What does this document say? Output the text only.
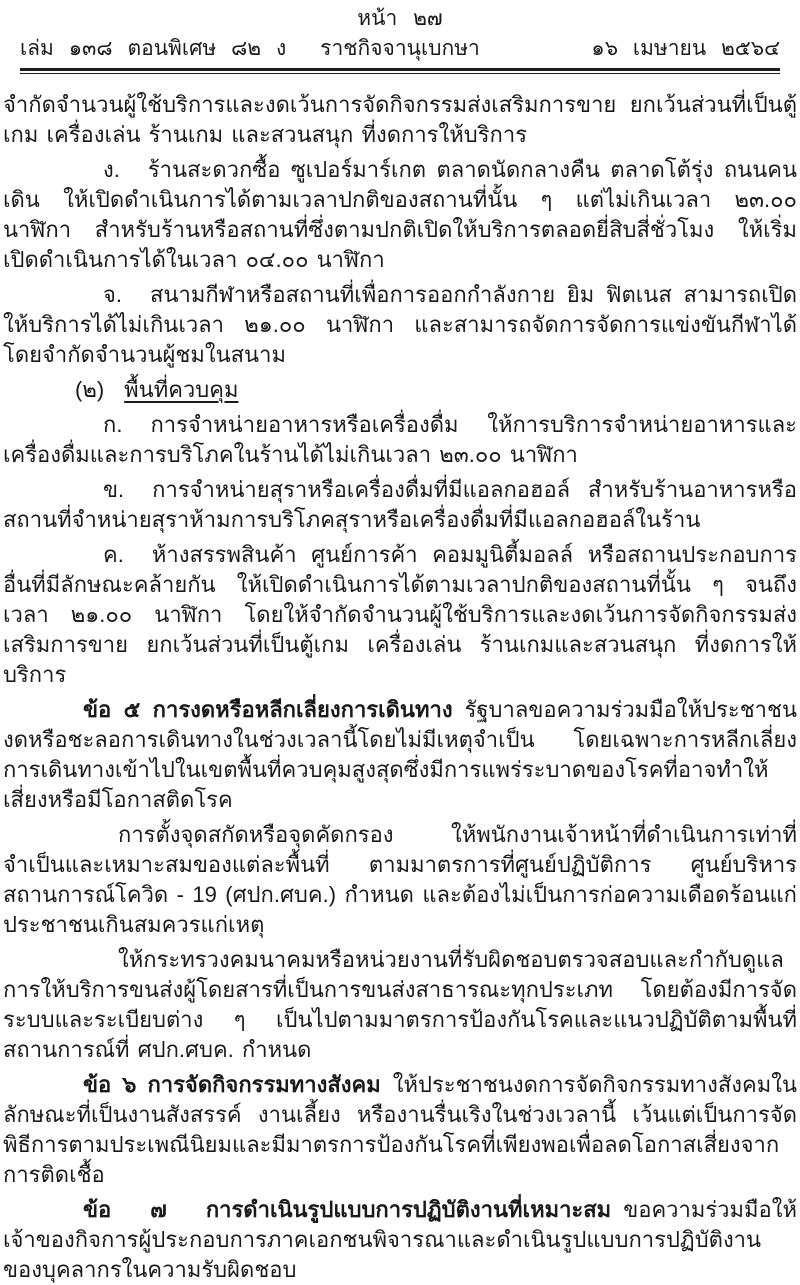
หน้า ๒๗
เล่ม ๑๓๘ ตอนพิเศษ ๘๒ ง	ราชกิจจานุเบกษา	๑๖ เมษายน ๒๕๖๔

จำกัดจำนวนผู้ใช้บริการและงดเว้นการจัดกิจกรรมส่งเสริมการขาย ยกเว้นส่วนที่เป็นตู้เกม เครื่องเล่น ร้านเกม และสวนสนุก ที่งดการให้บริการ

ง. ร้านสะดวกซื้อ ซูเปอร์มาร์เกต ตลาดนัดกลางคืน ตลาดโต้รุ่ง ถนนคนเดิน ให้เปิดดำเนินการได้ตามเวลาปกติของสถานที่นั้น ๆ แต่ไม่เกินเวลา ๒๓.๐๐ นาฬิกา สำหรับร้านหรือสถานที่ซึ่งตามปกติเปิดให้บริการตลอดยี่สิบสี่ชั่วโมง ให้เริ่มเปิดดำเนินการได้ในเวลา ๐๔.๐๐ นาฬิกา

จ. สนามกีฬาหรือสถานที่เพื่อการออกกำลังกาย ยิม ฟิตเนส สามารถเปิดให้บริการได้ไม่เกินเวลา ๒๑.๐๐ นาฬิกา และสามารถจัดการจัดการแข่งขันกีฬาได้โดยจำกัดจำนวนผู้ชมในสนาม

(๒) พื้นที่ควบคุม

ก. การจำหน่ายอาหารหรือเครื่องดื่ม ให้การบริการจำหน่ายอาหารและเครื่องดื่มและการบริโภคในร้านได้ไม่เกินเวลา ๒๓.๐๐ นาฬิกา

ข. การจำหน่ายสุราหรือเครื่องดื่มที่มีแอลกอฮอล์ สำหรับร้านอาหารหรือสถานที่จำหน่ายสุราห้ามการบริโภคสุราหรือเครื่องดื่มที่มีแอลกอฮอล์ในร้าน

ค. ห้างสรรพสินค้า ศูนย์การค้า คอมมูนิตี้มอลล์ หรือสถานประกอบการอื่นที่มีลักษณะคล้ายกัน ให้เปิดดำเนินการได้ตามเวลาปกติของสถานที่นั้น ๆ จนถึงเวลา ๒๑.๐๐ นาฬิกา โดยให้จำกัดจำนวนผู้ใช้บริการและงดเว้นการจัดกิจกรรมส่งเสริมการขาย ยกเว้นส่วนที่เป็นตู้เกม เครื่องเล่น ร้านเกมและสวนสนุก ที่งดการให้บริการ

ข้อ ๕ การงดหรือหลีกเลี่ยงการเดินทาง รัฐบาลขอความร่วมมือให้ประชาชนงดหรือชะลอการเดินทางในช่วงเวลานี้โดยไม่มีเหตุจำเป็น โดยเฉพาะการหลีกเลี่ยงการเดินทางเข้าไปในเขตพื้นที่ควบคุมสูงสุดซึ่งมีการแพร่ระบาดของโรคที่อาจทำให้เสี่ยงหรือมีโอกาสติดโรค

การตั้งจุดสกัดหรือจุดคัดกรอง ให้พนักงานเจ้าหน้าที่ดำเนินการเท่าที่จำเป็นและเหมาะสมของแต่ละพื้นที่ ตามมาตรการที่ศูนย์ปฏิบัติการ ศูนย์บริหารสถานการณ์โควิด - 19 (ศปก.ศบค.) กำหนด และต้องไม่เป็นการก่อความเดือดร้อนแก่ประชาชนเกินสมควรแก่เหตุ

ให้กระทรวงคมนาคมหรือหน่วยงานที่รับผิดชอบตรวจสอบและกำกับดูแลการให้บริการขนส่งผู้โดยสารที่เป็นการขนส่งสาธารณะทุกประเภท โดยต้องมีการจัดระบบและระเบียบต่าง ๆ เป็นไปตามมาตรการป้องกันโรคและแนวปฏิบัติตามพื้นที่สถานการณ์ที่ ศปก.ศบค. กำหนด

ข้อ ๖ การจัดกิจกรรมทางสังคม ให้ประชาชนงดการจัดกิจกรรมทางสังคมในลักษณะที่เป็นงานสังสรรค์ งานเลี้ยง หรืองานรื่นเริงในช่วงเวลานี้ เว้นแต่เป็นการจัดพิธีการตามประเพณีนิยมและมีมาตรการป้องกันโรคที่เพียงพอเพื่อลดโอกาสเสี่ยงจากการติดเชื้อ

ข้อ ๗ การดำเนินรูปแบบการปฏิบัติงานที่เหมาะสม ขอความร่วมมือให้เจ้าของกิจการผู้ประกอบการภาคเอกชนพิจารณาและดำเนินรูปแบบการปฏิบัติงานของบุคลากรในความรับผิดชอบ
